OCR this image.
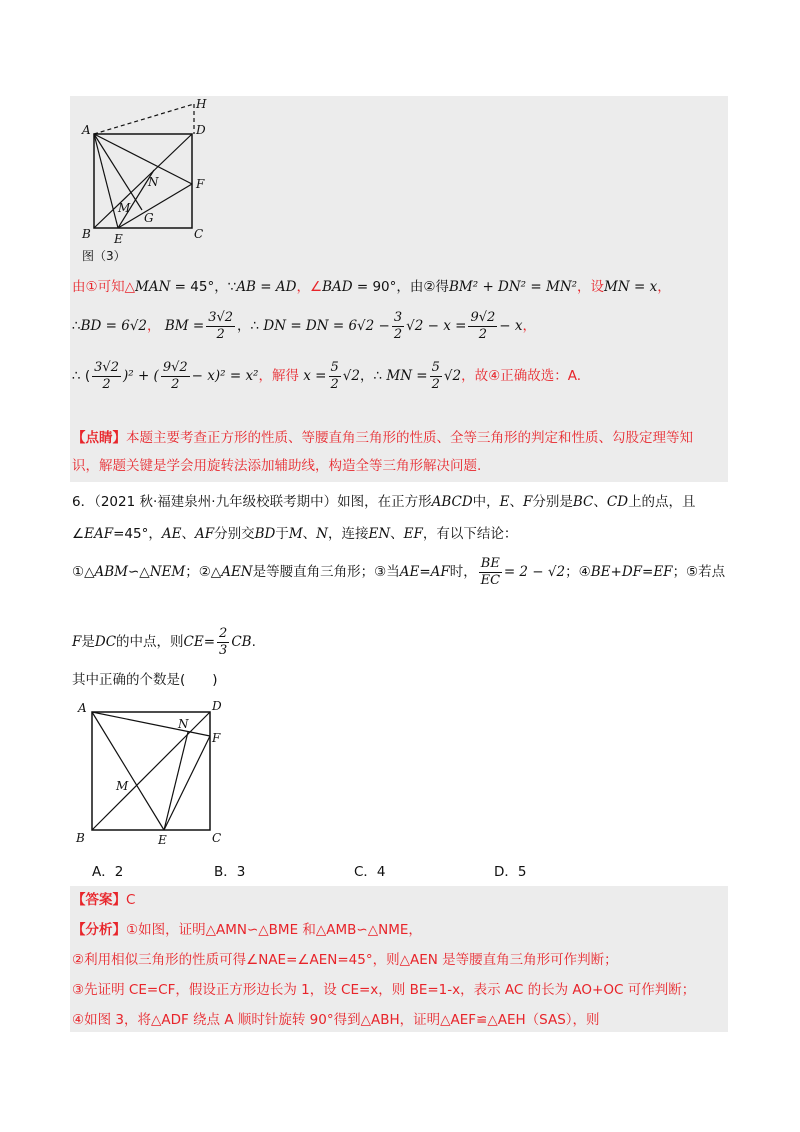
A	D
H
N	F
M
G
B E	C
图（3）
由①可知△MAN = 45°，∵AB = AD，∠BAD = 90°，由②得BM² + DN² = MN²，设MN = x，
∴BD = 6√2， BM = $\frac{3√2}{2}$ ，∴ DN = DN = $6√2 - \frac{3}{2} √2 - x = \frac{9√2}{2} - x$，
∴ ( $\frac{3√2}{2} )^2$ + ( $\frac{9√2}{2} - x)^2 = x^2$，解得 $x = \frac{5}{2} √2$，∴ MN = $\frac{5}{2} √2$，故④正确故选：A.
【点睛】本题主要考查正方形的性质、等腰直角三角形的性质、全等三角形的判定和性质、勾股定理等知
识，解题关键是学会用旋转法添加辅助线，构造全等三角形解决问题.
6．（2021 秋·福建泉州·九年级校联考期中）如图，在正方形ABCD中，E、F分别是BC、CD上的点，且
∠EAF=45°，AE、AF分别交BD于M、N，连接EN、EF，有以下结论：
①△ABM∽△NEM；②△AEN是等腰直角三角形；③当AE=AF时， $\frac{BE}{EC} = 2 - √2$；④BE+DF=EF；⑤若点
F是DC的中点，则$CE= \frac{2}{3}$ CB.
其中正确的个数是(　　)
A	D
N
F
M
B	E	C
A．2	B．3	C．4	D．5
【答案】C
【分析】①如图，证明△AMN∽△BME 和△AMB∽△NME，
②利用相似三角形的性质可得∠NAE=∠AEN=45°，则△AEN 是等腰直角三角形可作判断；
③先证明 CE=CF，假设正方形边长为 1，设 CE=x，则 BE=1-x，表示 AC 的长为 AO+OC 可作判断；
④如图 3，将△ADF 绕点 A 顺时针旋转 90°得到△ABH，证明△AEF≌△AEH（SAS），则
